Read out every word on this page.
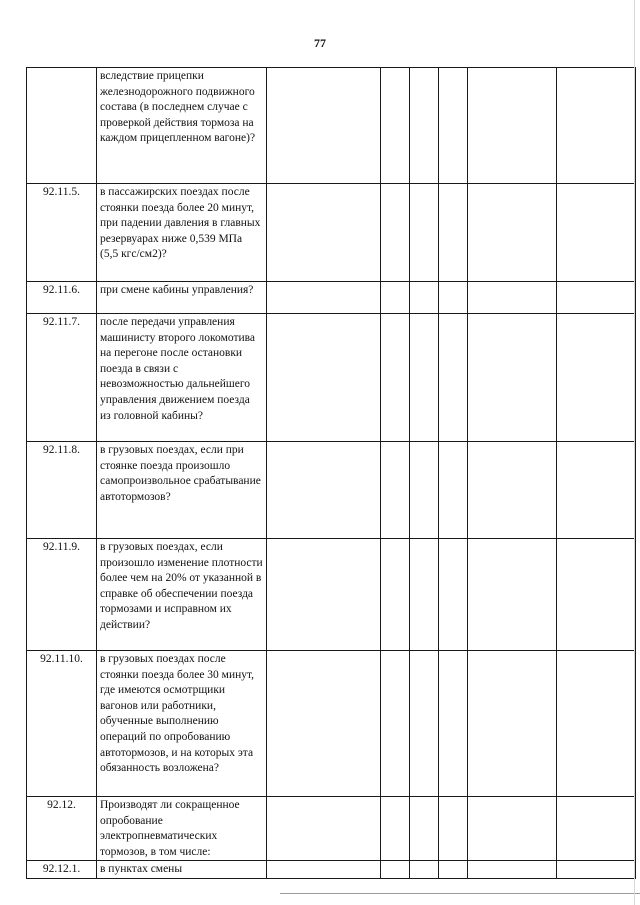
77
	вследствие прицепки железнодорожного подвижного состава (в последнем случае с проверкой действия тормоза на каждом прицепленном вагоне)?						
92.11.5.	в пассажирских поездах после стоянки поезда более 20 минут, при падении давления в главных резервуарах ниже 0,539 МПа (5,5 кгс/см2)?						
92.11.6.	при смене кабины управления?						
92.11.7.	после передачи управления машинисту второго локомотива на перегоне после остановки поезда в связи с невозможностью дальнейшего управления движением поезда из головной кабины?						
92.11.8.	в грузовых поездах, если при стоянке поезда произошло самопроизвольное срабатывание автотормозов?						
92.11.9.	в грузовых поездах, если произошло изменение плотности более чем на 20% от указанной в справке об обеспечении поезда тормозами и исправном их действии?						
92.11.10.	в грузовых поездах после стоянки поезда более 30 минут, где имеются осмотрщики вагонов или работники, обученные выполнению операций по опробованию автотормозов, и на которых эта обязанность возложена?						
92.12.	Производят ли сокращенное опробование электропневматических тормозов, в том числе:						
92.12.1.	в пунктах смены						
